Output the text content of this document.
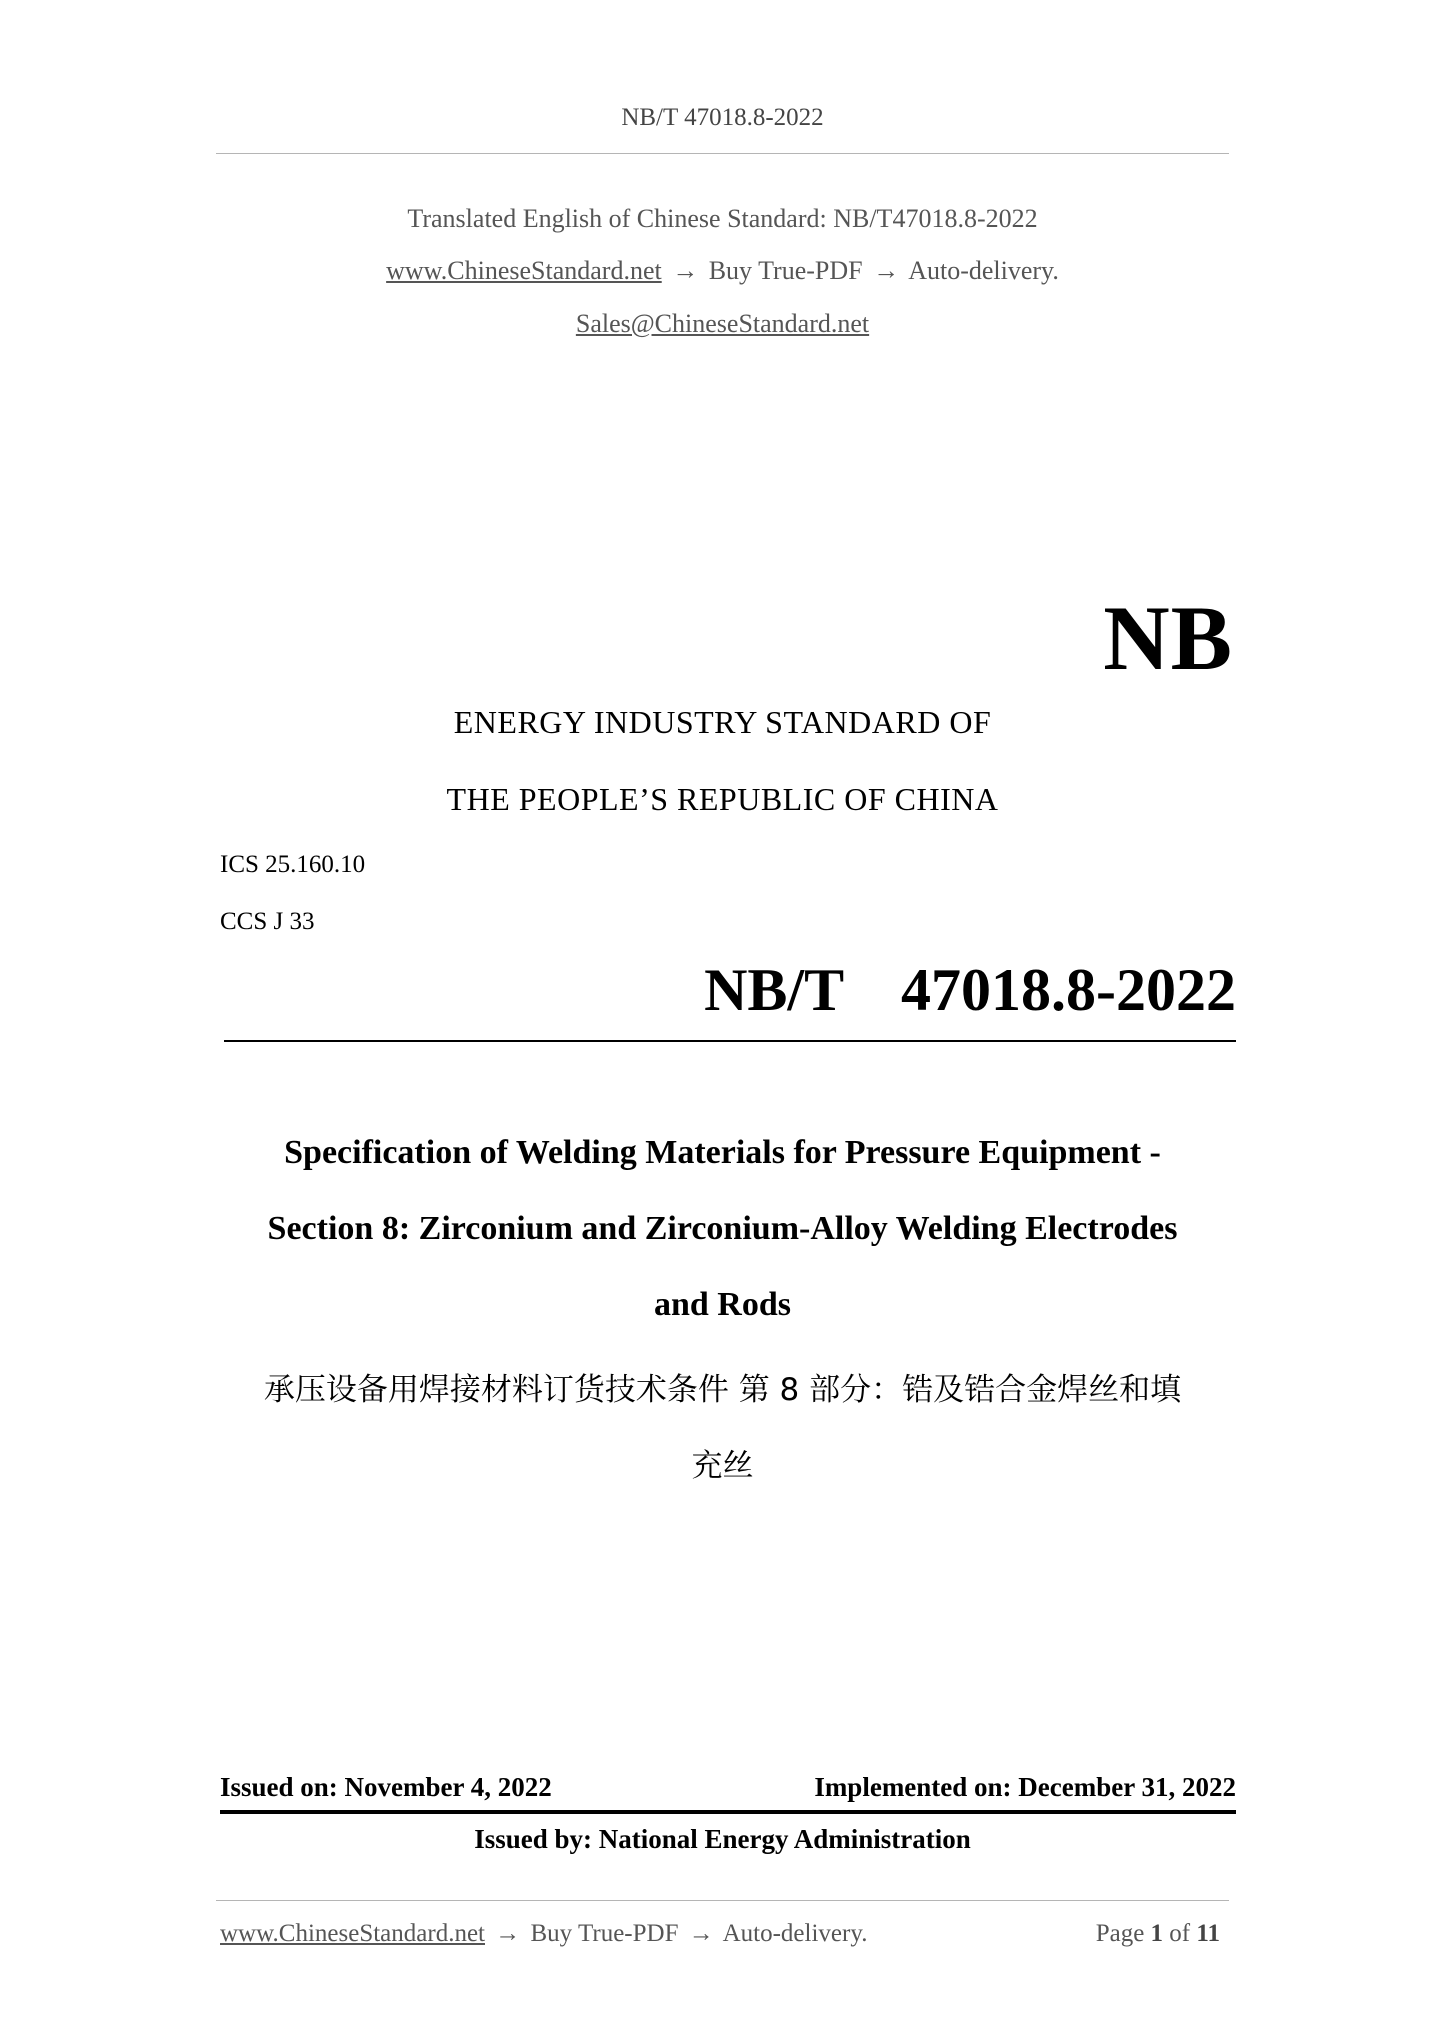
NB/T 47018.8-2022
Translated English of Chinese Standard: NB/T47018.8-2022
www.ChineseStandard.net → Buy True-PDF → Auto-delivery.
Sales@ChineseStandard.net
NB
ENERGY INDUSTRY STANDARD OF
THE PEOPLE’S REPUBLIC OF CHINA
ICS 25.160.10
CCS J 33
NB/T  47018.8-2022
Specification of Welding Materials for Pressure Equipment -
Section 8: Zirconium and Zirconium-Alloy Welding Electrodes
and Rods
承压设备用焊接材料订货技术条件 第 8 部分：锆及锆合金焊丝和填
充丝
Issued on: November 4, 2022	Implemented on: December 31, 2022
Issued by: National Energy Administration
www.ChineseStandard.net → Buy True-PDF → Auto-delivery.	Page 1 of 11
